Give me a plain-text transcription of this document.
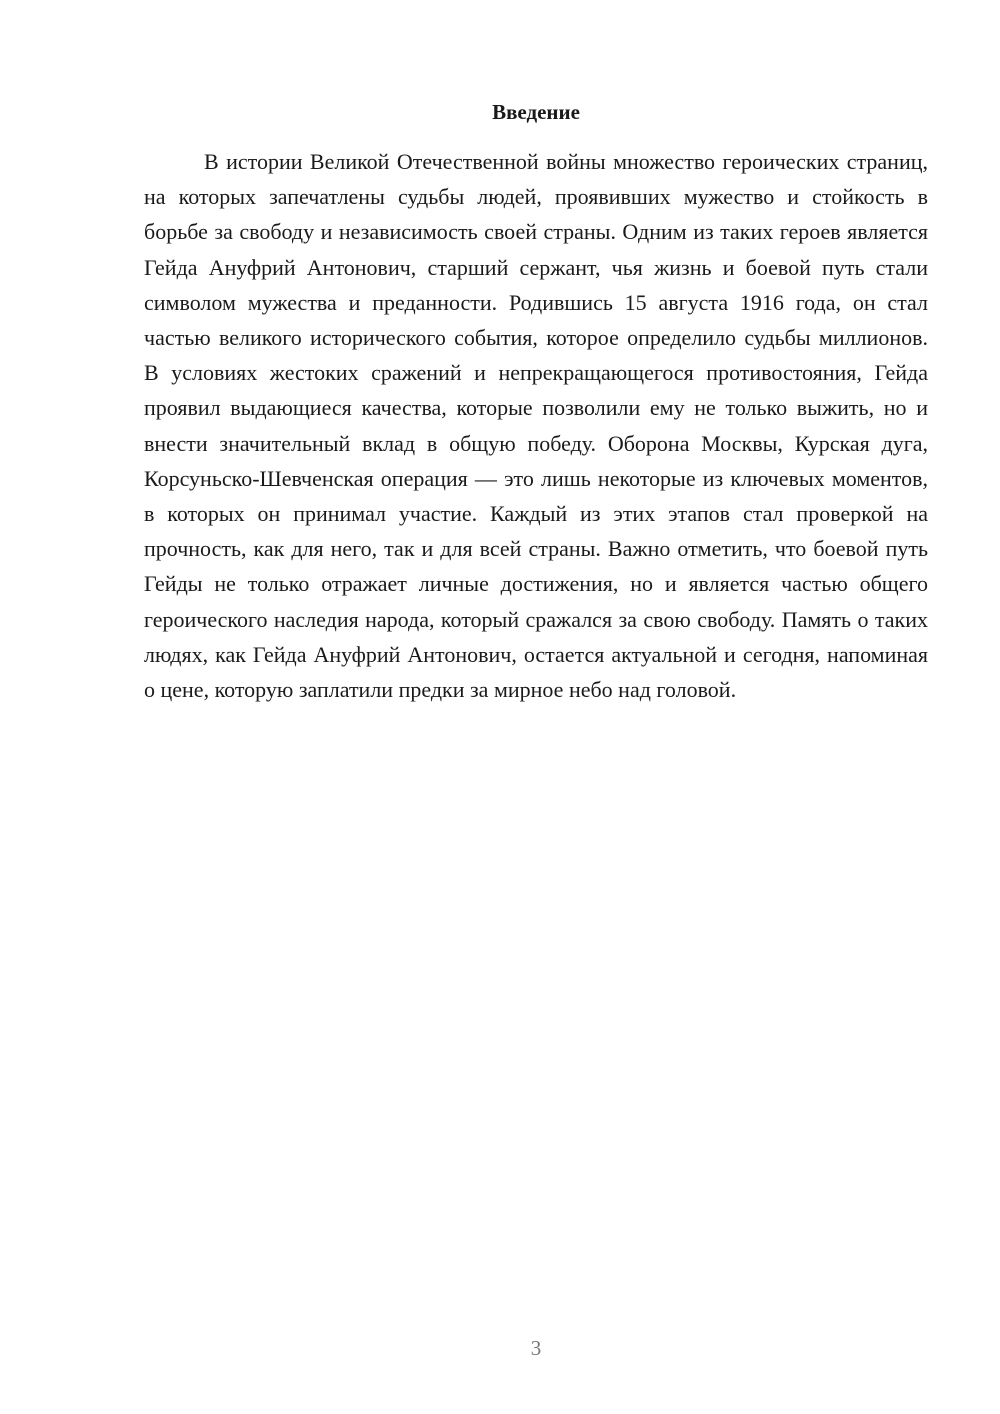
Введение

В истории Великой Отечественной войны множество героических страниц, на которых запечатлены судьбы людей, проявивших мужество и стойкость в борьбе за свободу и независимость своей страны. Одним из таких героев является Гейда Ануфрий Антонович, старший сержант, чья жизнь и боевой путь стали символом мужества и преданности. Родившись 15 августа 1916 года, он стал частью великого исторического события, которое определило судьбы миллионов. В условиях жестоких сражений и непрекращающегося противостояния, Гейда проявил выдающиеся качества, которые позволили ему не только выжить, но и внести значительный вклад в общую победу. Оборона Москвы, Курская дуга, Корсуньско-Шевченская операция — это лишь некоторые из ключевых моментов, в которых он принимал участие. Каждый из этих этапов стал проверкой на прочность, как для него, так и для всей страны. Важно отметить, что боевой путь Гейды не только отражает личные достижения, но и является частью общего героического наследия народа, который сражался за свою свободу. Память о таких людях, как Гейда Ануфрий Антонович, остается актуальной и сегодня, напоминая о цене, которую заплатили предки за мирное небо над головой.

3
